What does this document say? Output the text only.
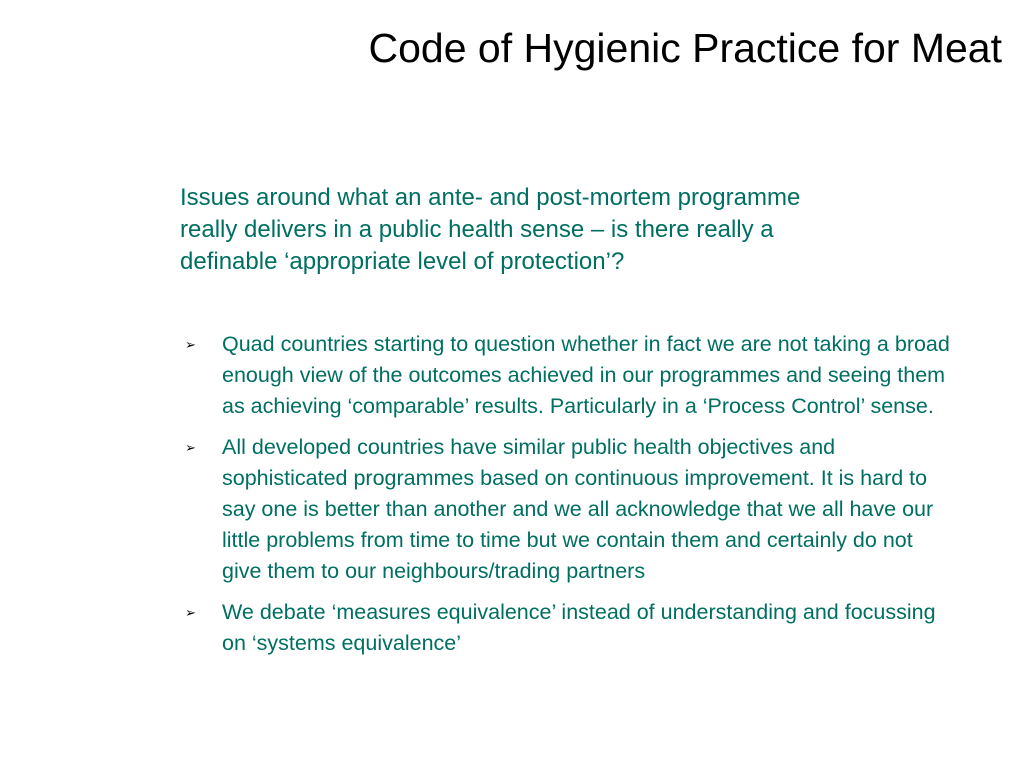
Code of Hygienic Practice for Meat

Issues around what an ante- and post-mortem programme really delivers in a public health sense – is there really a definable ‘appropriate level of protection’?

➢ Quad countries starting to question whether in fact we are not taking a broad enough view of the outcomes achieved in our programmes and seeing them as achieving ‘comparable’ results. Particularly in a ‘Process Control’ sense.
➢ All developed countries have similar public health objectives and sophisticated programmes based on continuous improvement. It is hard to say one is better than another and we all acknowledge that we all have our little problems from time to time but we contain them and certainly do not give them to our neighbours/trading partners
➢ We debate ‘measures equivalence’ instead of understanding and focussing on ‘systems equivalence’
